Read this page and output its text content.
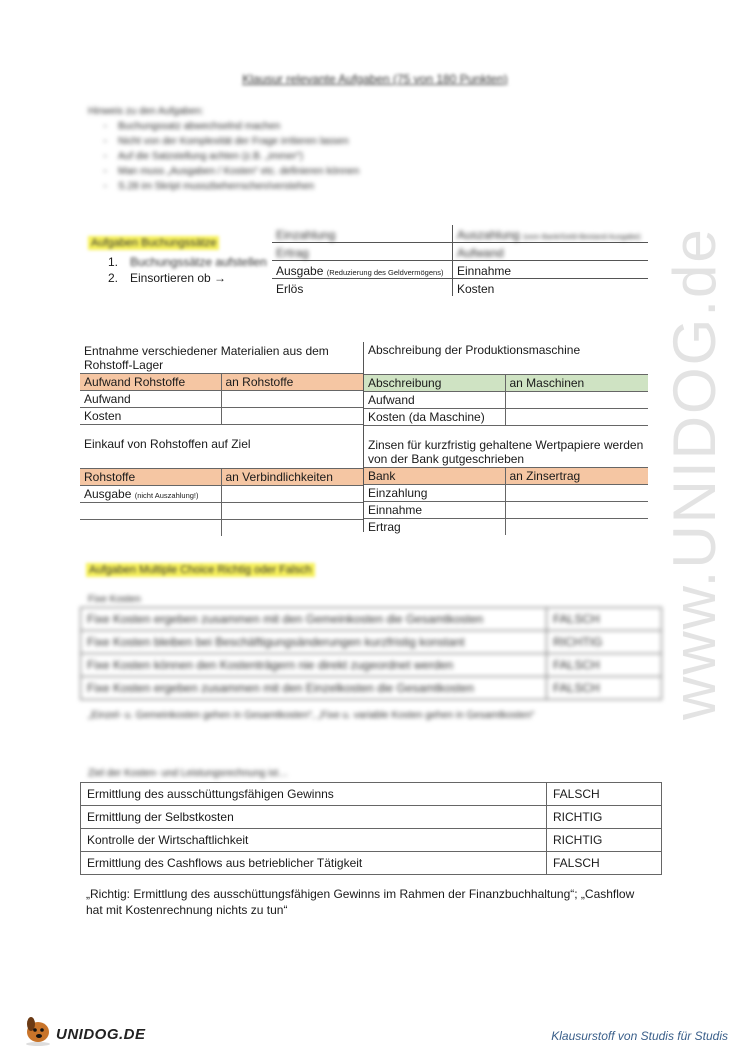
Klausur relevante Aufgaben (75 von 180 Punkten)
Hinweis zu den Aufgaben:
- Buchungssatz abwechselnd machen
- Nicht von der Komplexität der Frage irritieren lassen
- Auf die Satzstellung achten (z.B. „immer“)
- Man muss „Ausgaben / Kosten“ etc. definieren können
- S.28 im Skript musszbeherrschen/verstehen
Aufgaben Buchungssätze
1. Buchungssätze aufstellen
2. Einsortieren ob →
Einzahlung	Auszahlung (vom Bank/Geld-Bestand Ausgabe)
Ertrag	Aufwand
Ausgabe (Reduzierung des Geldvermögens)	Einnahme
Erlös	Kosten
Entnahme verschiedener Materialien aus dem Rohstoff-Lager	
Aufwand Rohstoffe	an Rohstoffe
Aufwand	
Kosten	
Abschreibung der Produktionsmaschine	
Abschreibung	an Maschinen
Aufwand	
Kosten (da Maschine)	
Einkauf von Rohstoffen auf Ziel	
Rohstoffe	an Verbindlichkeiten
Ausgabe (nicht Auszahlung!)	

Zinsen für kurzfristig gehaltene Wertpapiere werden von der Bank gutgeschrieben	
Bank	an Zinsertrag
Einzahlung	
Einnahme	
Ertrag	
Aufgaben Multiple Choice Richtig oder Falsch
Fixe Kosten
Fixe Kosten ergeben zusammen mit den Gemeinkosten die Gesamtkosten	FALSCH
Fixe Kosten bleiben bei Beschäftigungsänderungen kurzfristig konstant	RICHTIG
Fixe Kosten können den Kostenträgern nie direkt zugeordnet werden	FALSCH
Fixe Kosten ergeben zusammen mit den Einzelkosten die Gesamtkosten	FALSCH
„Einzel- u. Gemeinkosten gehen in Gesamtkosten“, „Fixe u. variable Kosten gehen in Gesamtkosten“
Ziel der Kosten- und Leistungsrechnung ist…
Ermittlung des ausschüttungsfähigen Gewinns	FALSCH
Ermittlung der Selbstkosten	RICHTIG
Kontrolle der Wirtschaftlichkeit	RICHTIG
Ermittlung des Cashflows aus betrieblicher Tätigkeit	FALSCH
„Richtig: Ermittlung des ausschüttungsfähigen Gewinns im Rahmen der Finanzbuchhaltung“; „Cashflow hat mit Kostenrechnung nichts zu tun“
www.UNIDOG.de
UNIDOG.DE	Klausurstoff von Studis für Studis
